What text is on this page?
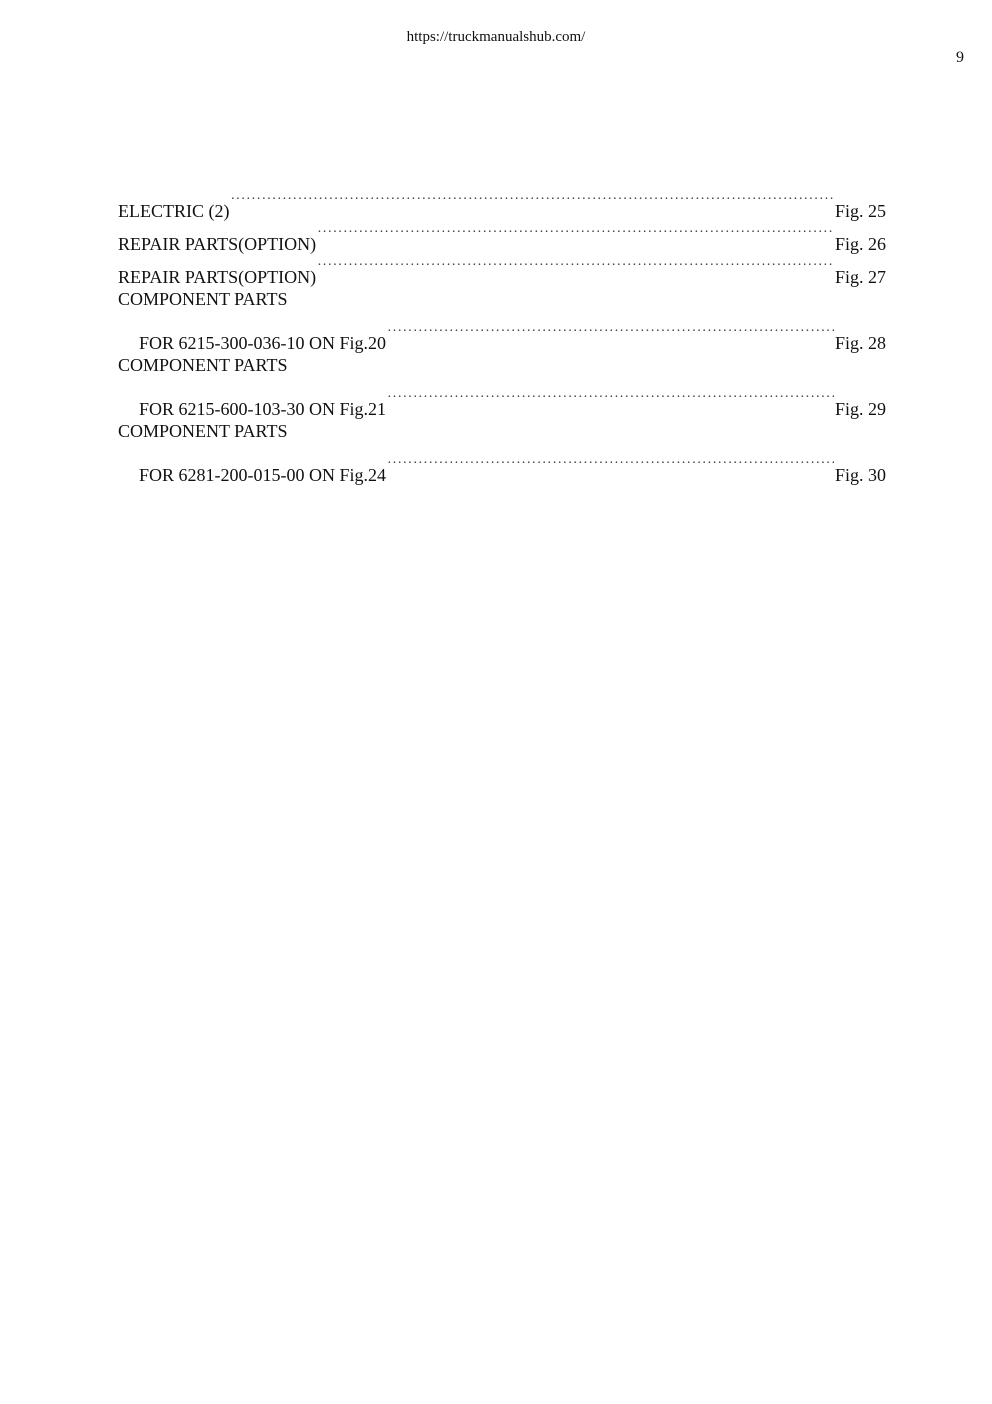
https://truckmanualshub.com/
9
ELECTRIC (2) ·····	Fig. 25
REPAIR PARTS(OPTION) ·····	Fig. 26
REPAIR PARTS(OPTION) ·····	Fig. 27
COMPONENT PARTS
FOR 6215-300-036-10 ON Fig.20 ·····	Fig. 28
COMPONENT PARTS
FOR 6215-600-103-30 ON Fig.21 ·····	Fig. 29
COMPONENT PARTS
FOR 6281-200-015-00 ON Fig.24 ·····	Fig. 30
